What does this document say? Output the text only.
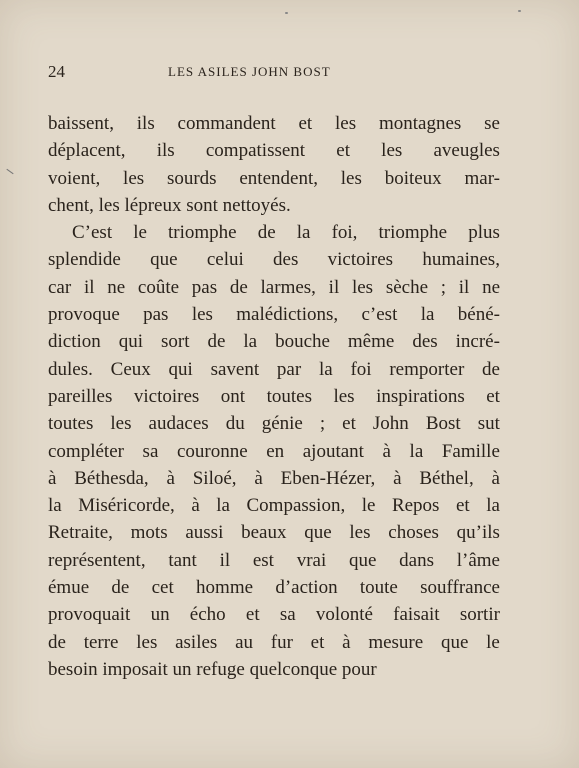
24	LES ASILES JOHN BOST
baissent, ils commandent et les montagnes se
déplacent, ils compatissent et les aveugles
voient, les sourds entendent, les boiteux mar-
chent, les lépreux sont nettoyés.
C’est le triomphe de la foi, triomphe plus
splendide que celui des victoires humaines,
car il ne coûte pas de larmes, il les sèche ; il ne
provoque pas les malédictions, c’est la béné-
diction qui sort de la bouche même des incré-
dules. Ceux qui savent par la foi remporter de
pareilles victoires ont toutes les inspirations et
toutes les audaces du génie ; et John Bost sut
compléter sa couronne en ajoutant à la Famille
à Béthesda, à Siloé, à Eben-Hézer, à Béthel, à
la Miséricorde, à la Compassion, le Repos et la
Retraite, mots aussi beaux que les choses qu’ils
représentent, tant il est vrai que dans l’âme
émue de cet homme d’action toute souffrance
provoquait un écho et sa volonté faisait sortir
de terre les asiles au fur et à mesure que le
besoin imposait un refuge quelconque pour
